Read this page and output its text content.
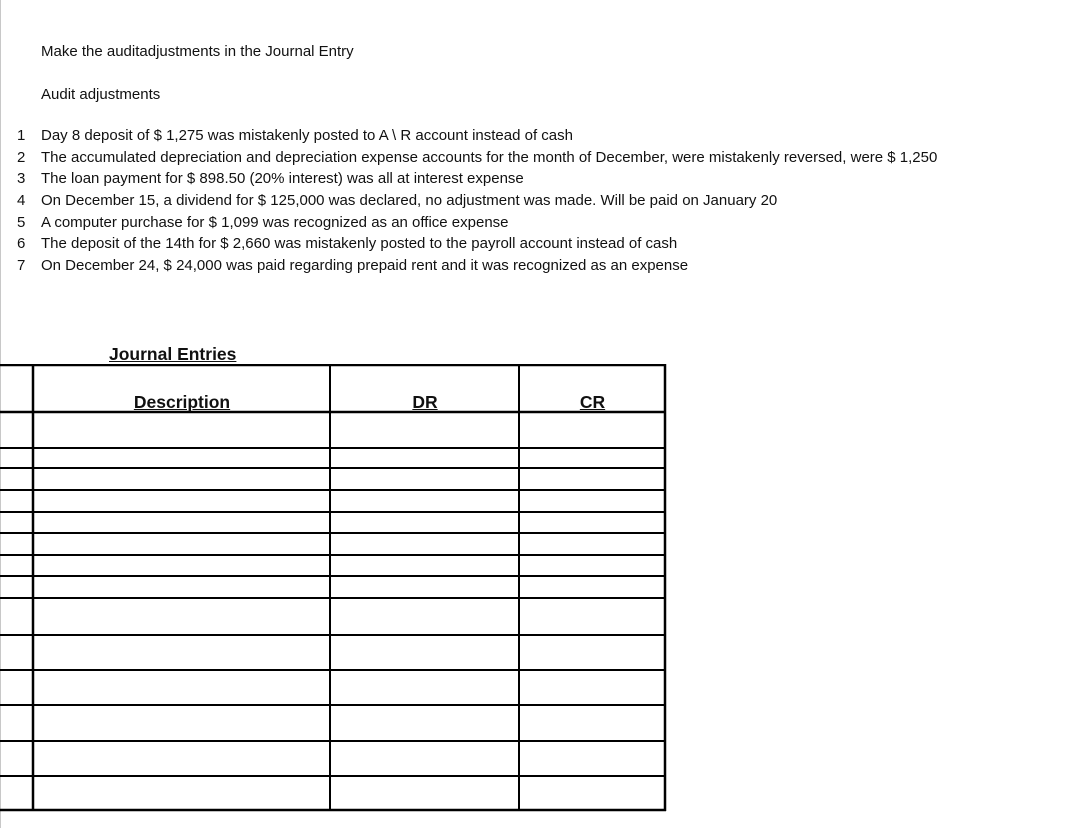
Make the auditadjustments in the Journal Entry
Audit adjustments
1 Day 8 deposit of $ 1,275 was mistakenly posted to A \ R account instead of cash
2 The accumulated depreciation and depreciation expense accounts for the month of December, were mistakenly reversed, were $ 1,250
3 The loan payment for $ 898.50 (20% interest) was all at interest expense
4 On December 15, a dividend for $ 125,000 was declared, no adjustment was made. Will be paid on January 20
5 A computer purchase for $ 1,099 was recognized as an office expense
6 The deposit of the 14th for $ 2,660 was mistakenly posted to the payroll account instead of cash
7 On December 24, $ 24,000 was paid regarding prepaid rent and it was recognized as an expense
Journal Entries
Description	DR	CR
